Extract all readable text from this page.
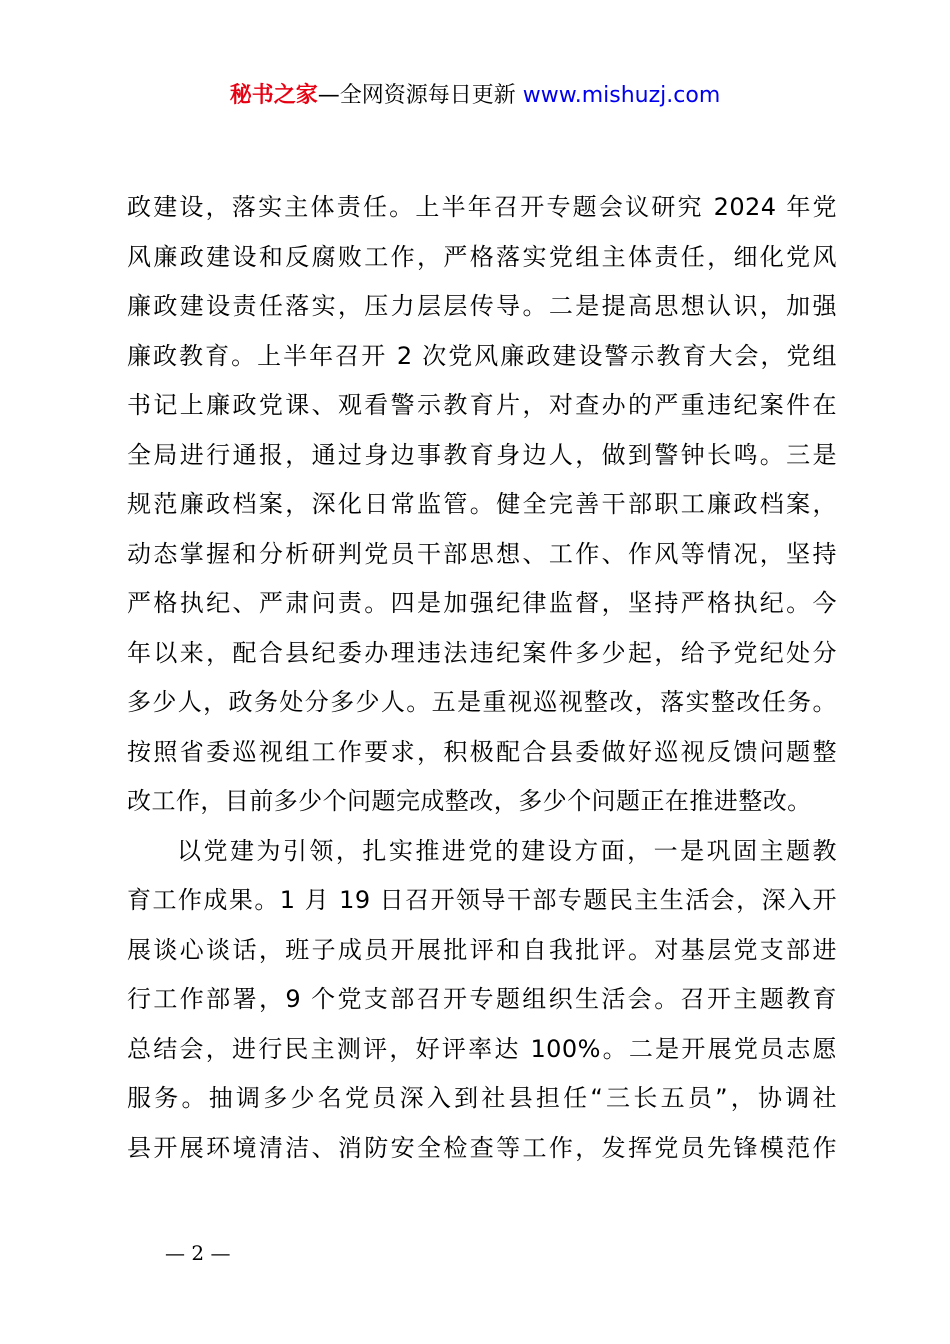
秘书之家—全网资源每日更新 www.mishuzj.com
政建设，落实主体责任。上半年召开专题会议研究 2024 年党
风廉政建设和反腐败工作，严格落实党组主体责任，细化党风
廉政建设责任落实，压力层层传导。二是提高思想认识，加强
廉政教育。上半年召开 2 次党风廉政建设警示教育大会，党组
书记上廉政党课、观看警示教育片，对查办的严重违纪案件在
全局进行通报，通过身边事教育身边人，做到警钟长鸣。三是
规范廉政档案，深化日常监管。健全完善干部职工廉政档案，
动态掌握和分析研判党员干部思想、工作、作风等情况，坚持
严格执纪、严肃问责。四是加强纪律监督，坚持严格执纪。今
年以来，配合县纪委办理违法违纪案件多少起，给予党纪处分
多少人，政务处分多少人。五是重视巡视整改，落实整改任务。
按照省委巡视组工作要求，积极配合县委做好巡视反馈问题整
改工作，目前多少个问题完成整改，多少个问题正在推进整改。
以党建为引领，扎实推进党的建设方面，一是巩固主题教
育工作成果。1 月 19 日召开领导干部专题民主生活会，深入开
展谈心谈话，班子成员开展批评和自我批评。对基层党支部进
行工作部署，9 个党支部召开专题组织生活会。召开主题教育
总结会，进行民主测评，好评率达 100%。二是开展党员志愿
服务。抽调多少名党员深入到社县担任“三长五员”，协调社
县开展环境清洁、消防安全检查等工作，发挥党员先锋模范作
— 2 —
